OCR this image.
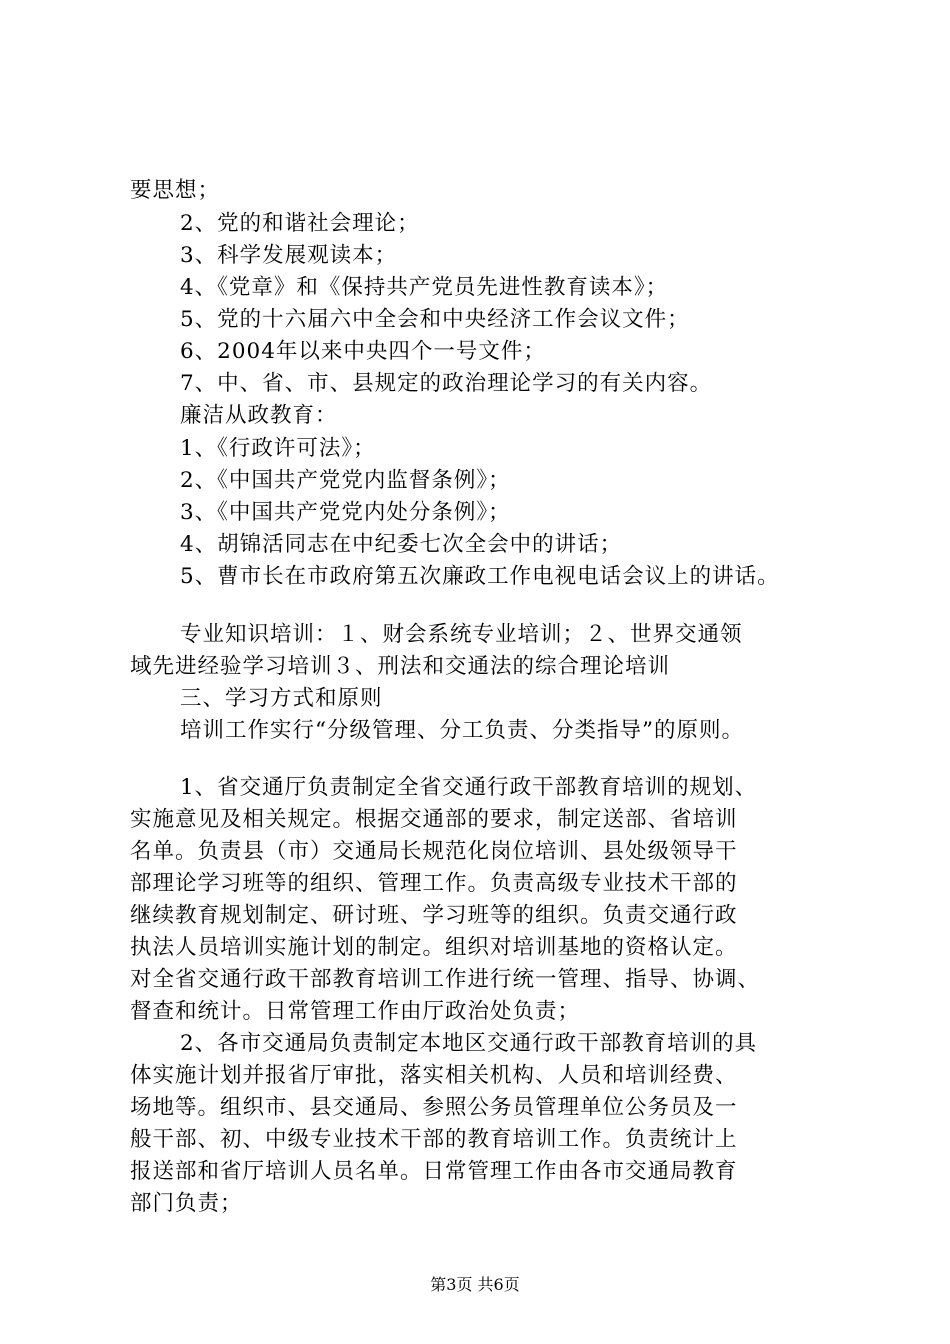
要思想；
2、党的和谐社会理论；
3、科学发展观读本；
4、《党章》和《保持共产党员先进性教育读本》；
5、党的十六届六中全会和中央经济工作会议文件；
6、2004年以来中央四个一号文件；
7、中、省、市、县规定的政治理论学习的有关内容。
廉洁从政教育：
1、《行政许可法》；
2、《中国共产党党内监督条例》；
3、《中国共产党党内处分条例》；
4、胡锦活同志在中纪委七次全会中的讲话；
5、曹市长在市政府第五次廉政工作电视电话会议上的讲话。
专业知识培训：１、财会系统专业培训；２、世界交通领
域先进经验学习培训３、刑法和交通法的综合理论培训
三、学习方式和原则
培训工作实行“分级管理、分工负责、分类指导”的原则。
1、省交通厅负责制定全省交通行政干部教育培训的规划、
实施意见及相关规定。根据交通部的要求，制定送部、省培训
名单。负责县（市）交通局长规范化岗位培训、县处级领导干
部理论学习班等的组织、管理工作。负责高级专业技术干部的
继续教育规划制定、研讨班、学习班等的组织。负责交通行政
执法人员培训实施计划的制定。组织对培训基地的资格认定。
对全省交通行政干部教育培训工作进行统一管理、指导、协调、
督查和统计。日常管理工作由厅政治处负责；
2、各市交通局负责制定本地区交通行政干部教育培训的具
体实施计划并报省厅审批，落实相关机构、人员和培训经费、
场地等。组织市、县交通局、参照公务员管理单位公务员及一
般干部、初、中级专业技术干部的教育培训工作。负责统计上
报送部和省厅培训人员名单。日常管理工作由各市交通局教育
部门负责；
第3页 共6页
